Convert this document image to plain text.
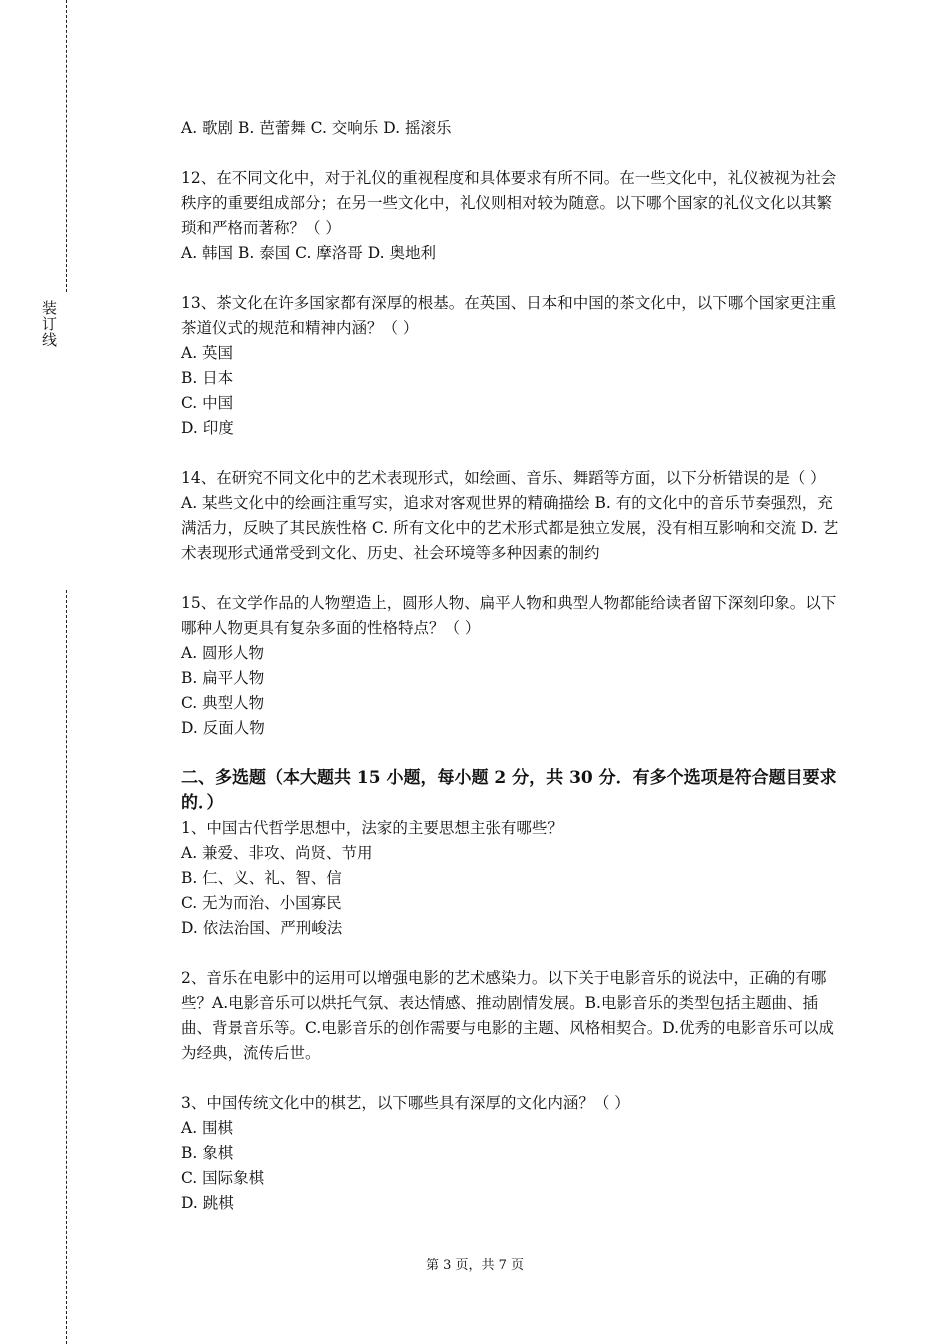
装订线

A. 歌剧 B. 芭蕾舞 C. 交响乐 D. 摇滚乐

12、在不同文化中，对于礼仪的重视程度和具体要求有所不同。在一些文化中，礼仪被视为社会秩序的重要组成部分；在另一些文化中，礼仪则相对较为随意。以下哪个国家的礼仪文化以其繁琐和严格而著称？（ ）

A. 韩国 B. 泰国 C. 摩洛哥 D. 奥地利

13、茶文化在许多国家都有深厚的根基。在英国、日本和中国的茶文化中，以下哪个国家更注重茶道仪式的规范和精神内涵？（ ）

A. 英国

B. 日本

C. 中国

D. 印度

14、在研究不同文化中的艺术表现形式，如绘画、音乐、舞蹈等方面，以下分析错误的是（ ）

A. 某些文化中的绘画注重写实，追求对客观世界的精确描绘 B. 有的文化中的音乐节奏强烈，充满活力，反映了其民族性格 C. 所有文化中的艺术形式都是独立发展，没有相互影响和交流 D. 艺术表现形式通常受到文化、历史、社会环境等多种因素的制约

15、在文学作品的人物塑造上，圆形人物、扁平人物和典型人物都能给读者留下深刻印象。以下哪种人物更具有复杂多面的性格特点？（ ）

A. 圆形人物

B. 扁平人物

C. 典型人物

D. 反面人物

二、多选题（本大题共 15 小题，每小题 2 分，共 30 分．有多个选项是符合题目要求的．）

1、中国古代哲学思想中，法家的主要思想主张有哪些？

A. 兼爱、非攻、尚贤、节用

B. 仁、义、礼、智、信

C. 无为而治、小国寡民

D. 依法治国、严刑峻法

2、音乐在电影中的运用可以增强电影的艺术感染力。以下关于电影音乐的说法中，正确的有哪些？A.电影音乐可以烘托气氛、表达情感、推动剧情发展。B.电影音乐的类型包括主题曲、插曲、背景音乐等。C.电影音乐的创作需要与电影的主题、风格相契合。D.优秀的电影音乐可以成为经典，流传后世。

3、中国传统文化中的棋艺，以下哪些具有深厚的文化内涵？（ ）

A. 围棋

B. 象棋

C. 国际象棋

D. 跳棋

第 3 页，共 7 页
